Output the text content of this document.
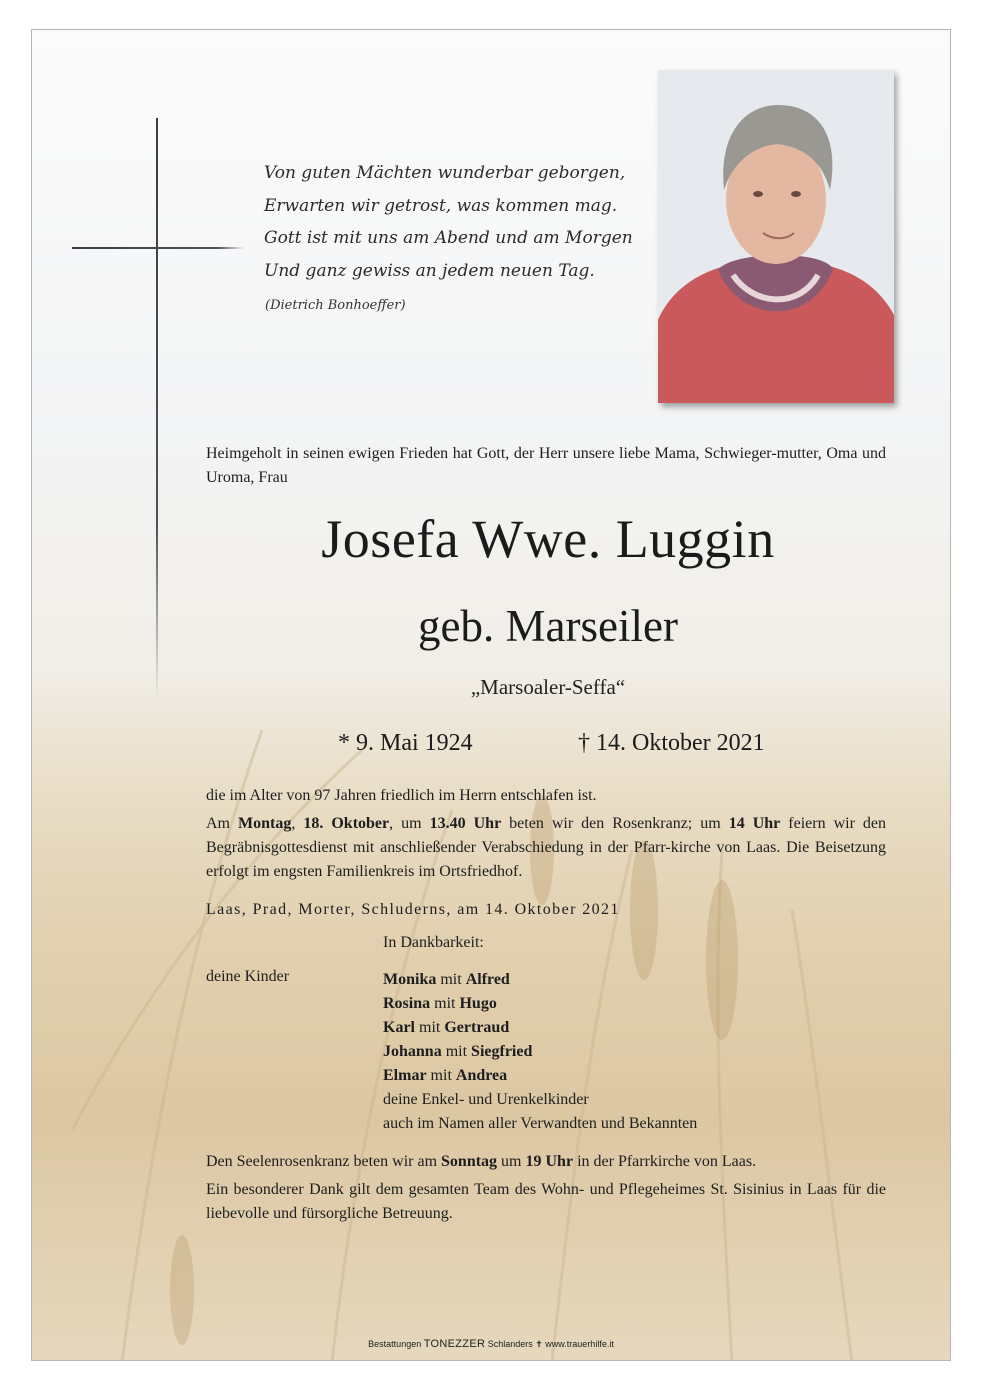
Von guten Mächten wunderbar geborgen,
Erwarten wir getrost, was kommen mag.
Gott ist mit uns am Abend und am Morgen
Und ganz gewiss an jedem neuen Tag.
(Dietrich Bonhoeffer)
Heimgeholt in seinen ewigen Frieden hat Gott, der Herr unsere liebe Mama, Schwieger-mutter, Oma und Uroma, Frau
Josefa Wwe. Luggin
geb. Marseiler
„Marsoaler-Seffa“
* 9. Mai 1924	† 14. Oktober 2021
die im Alter von 97 Jahren friedlich im Herrn entschlafen ist.
Am Montag, 18. Oktober, um 13.40 Uhr beten wir den Rosenkranz; um 14 Uhr feiern wir den Begräbnisgottesdienst mit anschließender Verabschiedung in der Pfarr-kirche von Laas. Die Beisetzung erfolgt im engsten Familienkreis im Ortsfriedhof.
Laas, Prad, Morter, Schluderns, am 14. Oktober 2021
In Dankbarkeit:
deine Kinder	Monika mit Alfred
Rosina mit Hugo
Karl mit Gertraud
Johanna mit Siegfried
Elmar mit Andrea
deine Enkel- und Urenkelkinder
auch im Namen aller Verwandten und Bekannten
Den Seelenrosenkranz beten wir am Sonntag um 19 Uhr in der Pfarrkirche von Laas.
Ein besonderer Dank gilt dem gesamten Team des Wohn- und Pflegeheimes St. Sisinius in Laas für die liebevolle und fürsorgliche Betreuung.
Bestattungen TONEZZER Schlanders ✝ www.trauerhilfe.it
